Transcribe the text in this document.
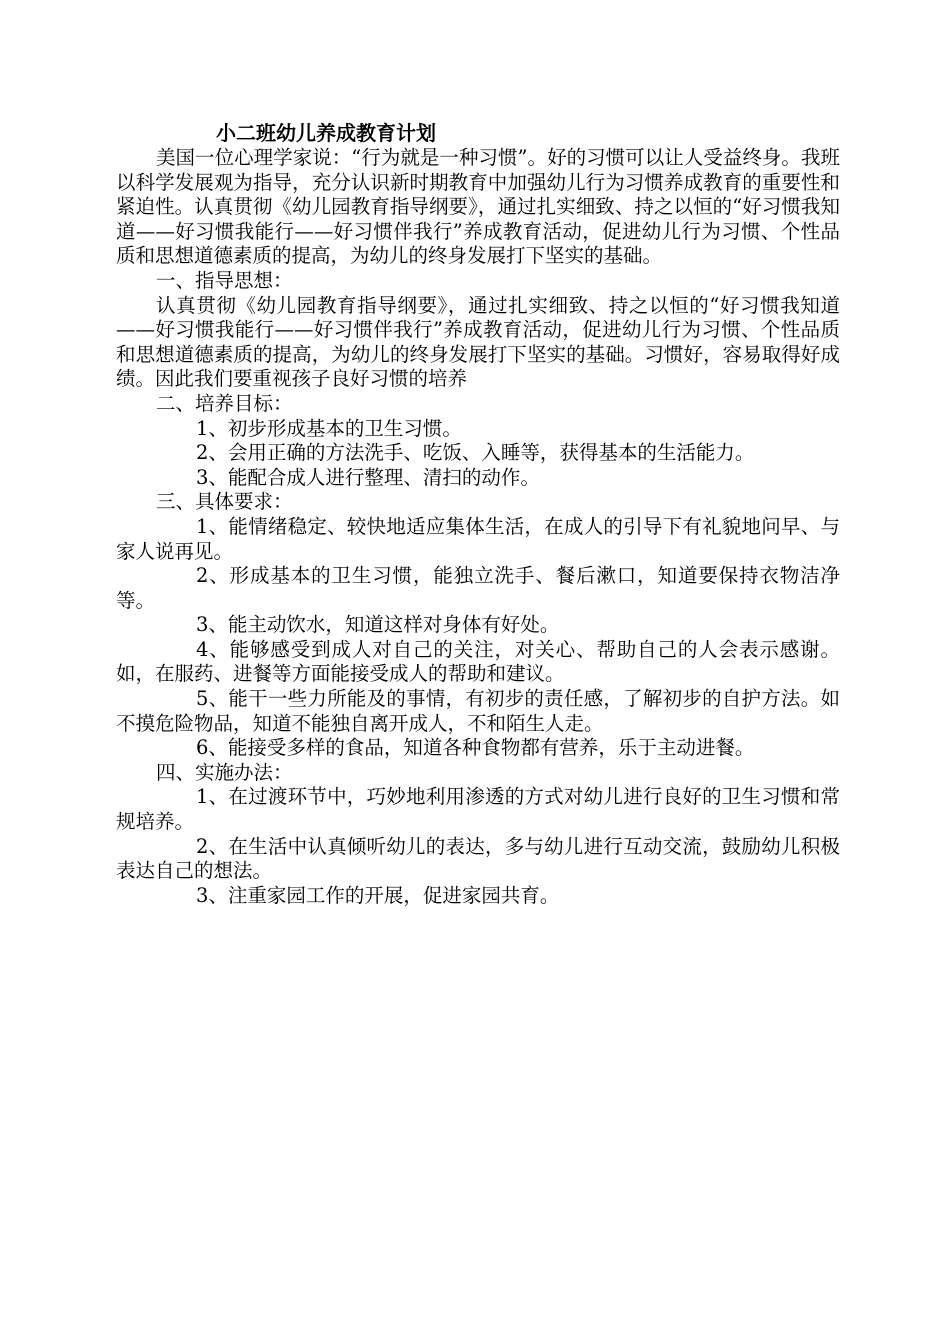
小二班幼儿养成教育计划

美国一位心理学家说：“行为就是一种习惯”。好的习惯可以让人受益终身。我班以科学发展观为指导，充分认识新时期教育中加强幼儿行为习惯养成教育的重要性和紧迫性。认真贯彻《幼儿园教育指导纲要》，通过扎实细致、持之以恒的“好习惯我知道——好习惯我能行——好习惯伴我行”养成教育活动，促进幼儿行为习惯、个性品质和思想道德素质的提高，为幼儿的终身发展打下坚实的基础。

一、指导思想：

认真贯彻《幼儿园教育指导纲要》，通过扎实细致、持之以恒的“好习惯我知道——好习惯我能行——好习惯伴我行”养成教育活动，促进幼儿行为习惯、个性品质和思想道德素质的提高，为幼儿的终身发展打下坚实的基础。习惯好，容易取得好成绩。因此我们要重视孩子良好习惯的培养

二、培养目标：

1、初步形成基本的卫生习惯。

2、会用正确的方法洗手、吃饭、入睡等，获得基本的生活能力。

3、能配合成人进行整理、清扫的动作。

三、具体要求：

1、能情绪稳定、较快地适应集体生活，在成人的引导下有礼貌地问早、与家人说再见。

2、形成基本的卫生习惯，能独立洗手、餐后漱口，知道要保持衣物洁净等。

3、能主动饮水，知道这样对身体有好处。

4、能够感受到成人对自己的关注，对关心、帮助自己的人会表示感谢。如，在服药、进餐等方面能接受成人的帮助和建议。

5、能干一些力所能及的事情，有初步的责任感，了解初步的自护方法。如不摸危险物品，知道不能独自离开成人，不和陌生人走。

6、能接受多样的食品，知道各种食物都有营养，乐于主动进餐。

四、实施办法：

1、在过渡环节中，巧妙地利用渗透的方式对幼儿进行良好的卫生习惯和常规培养。

2、在生活中认真倾听幼儿的表达，多与幼儿进行互动交流，鼓励幼儿积极表达自己的想法。

3、注重家园工作的开展，促进家园共育。
